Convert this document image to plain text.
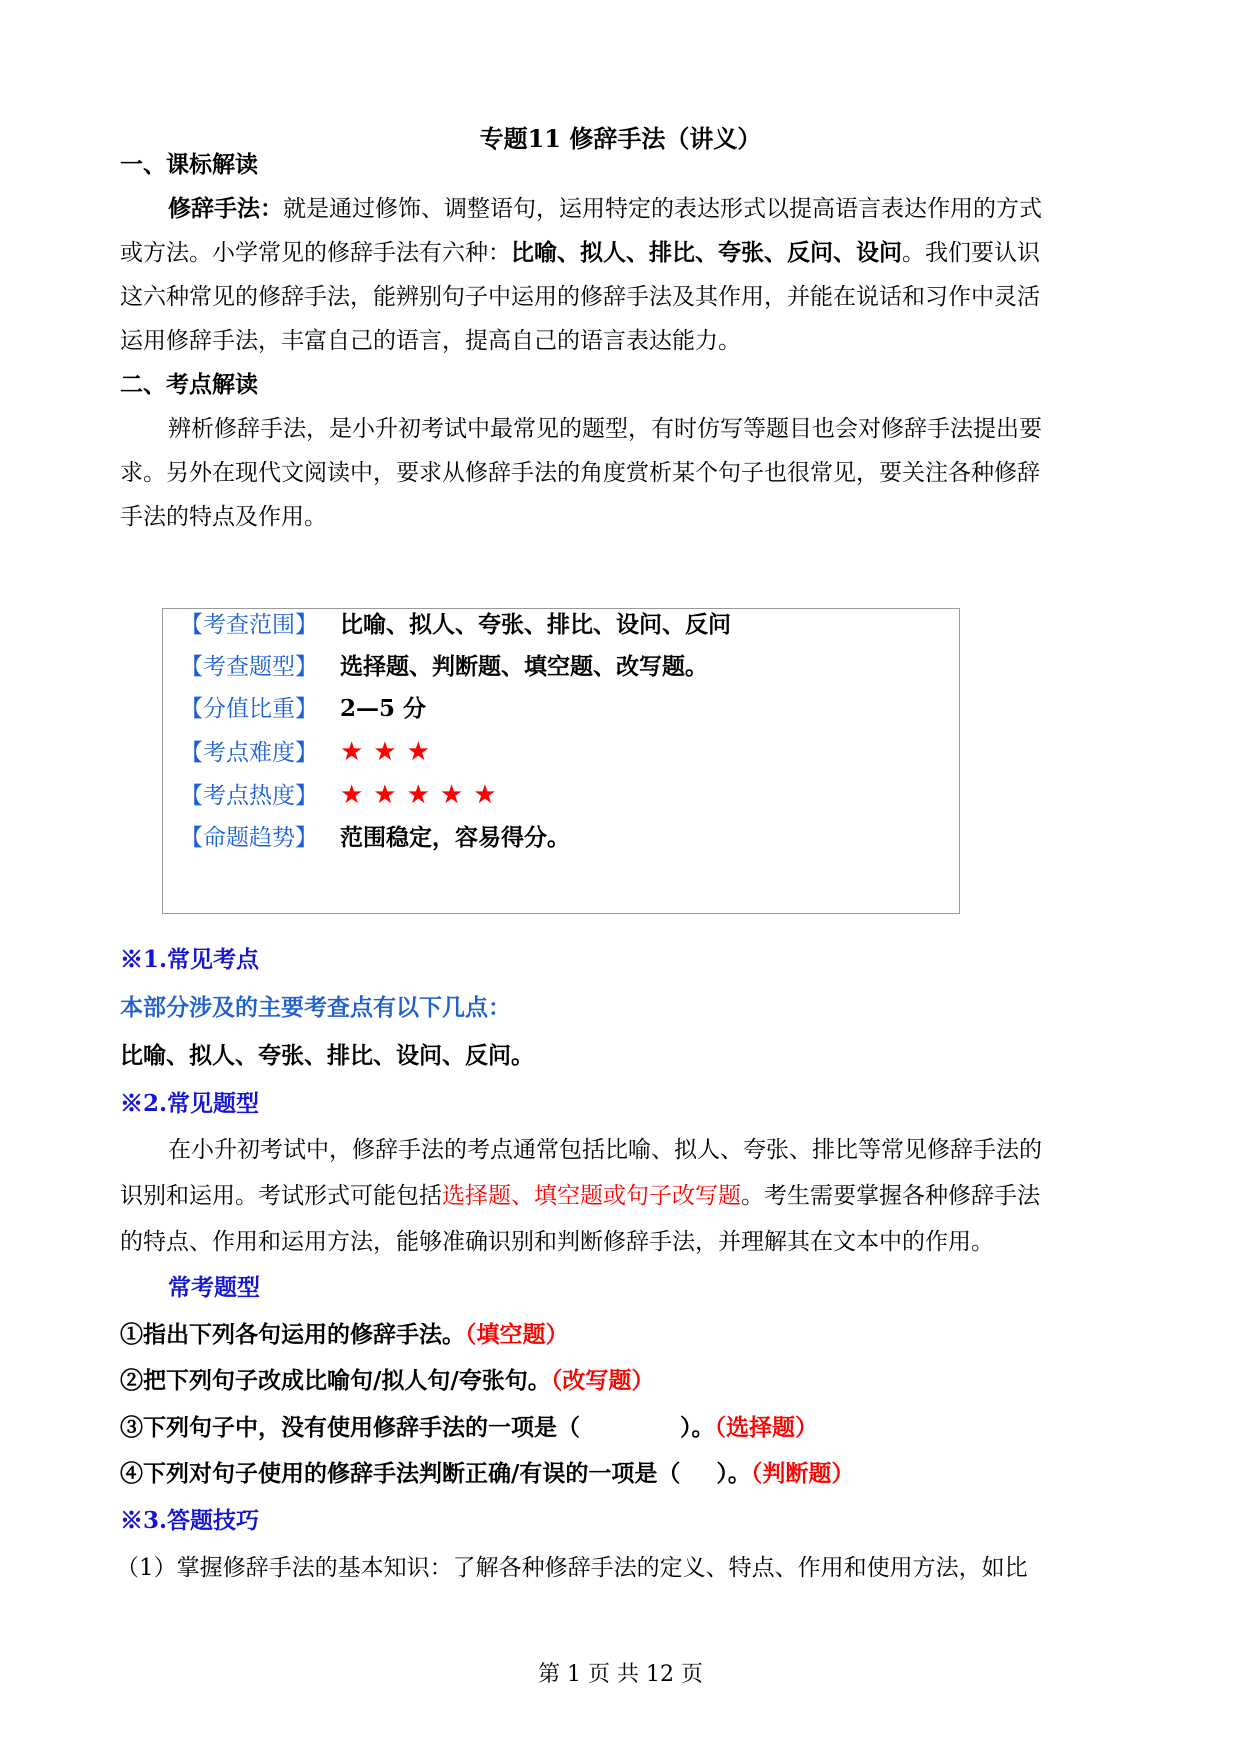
专题11 修辞手法（讲义）
一、课标解读
修辞手法：就是通过修饰、调整语句，运用特定的表达形式以提高语言表达作用的方式
或方法。小学常见的修辞手法有六种：比喻、拟人、排比、夸张、反问、设问。我们要认识
这六种常见的修辞手法，能辨别句子中运用的修辞手法及其作用，并能在说话和习作中灵活
运用修辞手法，丰富自己的语言，提高自己的语言表达能力。
二、考点解读
辨析修辞手法，是小升初考试中最常见的题型，有时仿写等题目也会对修辞手法提出要
求。另外在现代文阅读中，要求从修辞手法的角度赏析某个句子也很常见，要关注各种修辞
手法的特点及作用。
【考查范围】 比喻、拟人、夸张、排比、设问、反问
【考查题型】 选择题、判断题、填空题、改写题。
【分值比重】 2—5 分
【考点难度】 ★★★
【考点热度】 ★★★★★
【命题趋势】 范围稳定，容易得分。
※1.常见考点
本部分涉及的主要考查点有以下几点：
比喻、拟人、夸张、排比、设问、反问。
※2.常见题型
在小升初考试中，修辞手法的考点通常包括比喻、拟人、夸张、排比等常见修辞手法的
识别和运用。考试形式可能包括选择题、填空题或句子改写题。考生需要掌握各种修辞手法
的特点、作用和运用方法，能够准确识别和判断修辞手法，并理解其在文本中的作用。
常考题型
①指出下列各句运用的修辞手法。（填空题）
②把下列句子改成比喻句/拟人句/夸张句。（改写题）
③下列句子中，没有使用修辞手法的一项是（	）。（选择题）
④下列对句子使用的修辞手法判断正确/有误的一项是（ ）。（判断题）
※3.答题技巧
（1）掌握修辞手法的基本知识：了解各种修辞手法的定义、特点、作用和使用方法，如比
第 1 页 共 12 页
